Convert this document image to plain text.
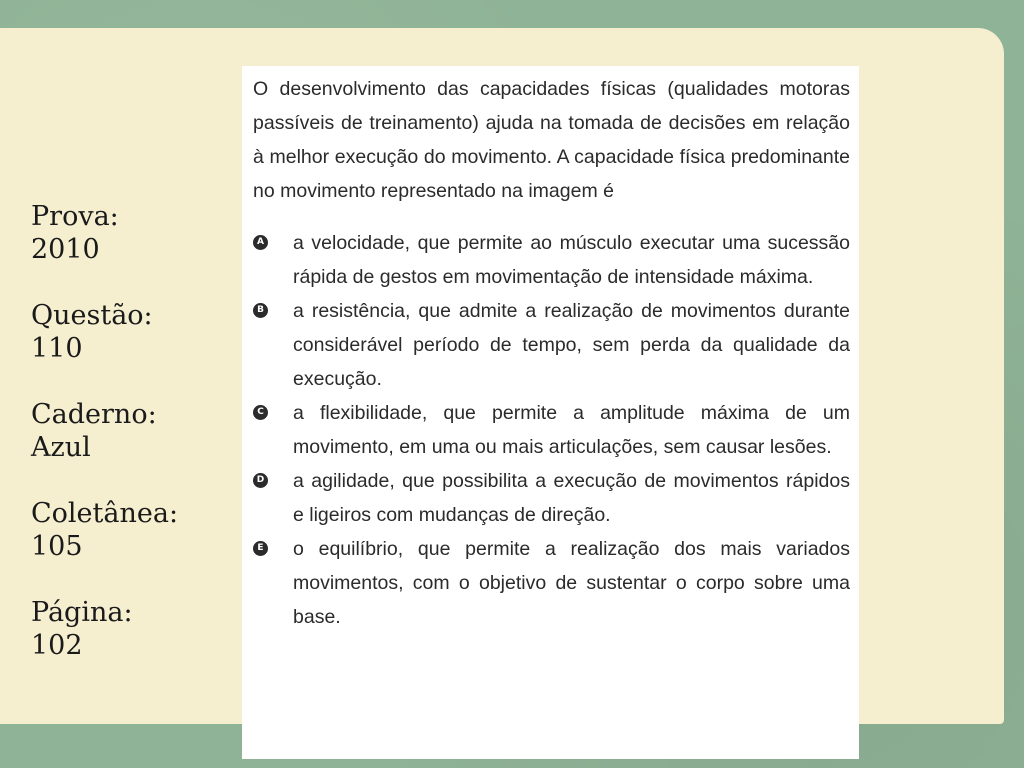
Prova:
2010
Questão:
110
Caderno:
Azul
Coletânea:
105
Página:
102
O desenvolvimento das capacidades físicas (qualidades motoras passíveis de treinamento) ajuda na tomada de decisões em relação à melhor execução do movimento. A capacidade física predominante no movimento representado na imagem é
A a velocidade, que permite ao músculo executar uma sucessão rápida de gestos em movimentação de intensidade máxima.
B a resistência, que admite a realização de movimentos durante considerável período de tempo, sem perda da qualidade da execução.
C a flexibilidade, que permite a amplitude máxima de um movimento, em uma ou mais articulações, sem causar lesões.
D a agilidade, que possibilita a execução de movimentos rápidos e ligeiros com mudanças de direção.
E o equilíbrio, que permite a realização dos mais variados movimentos, com o objetivo de sustentar o corpo sobre uma base.
